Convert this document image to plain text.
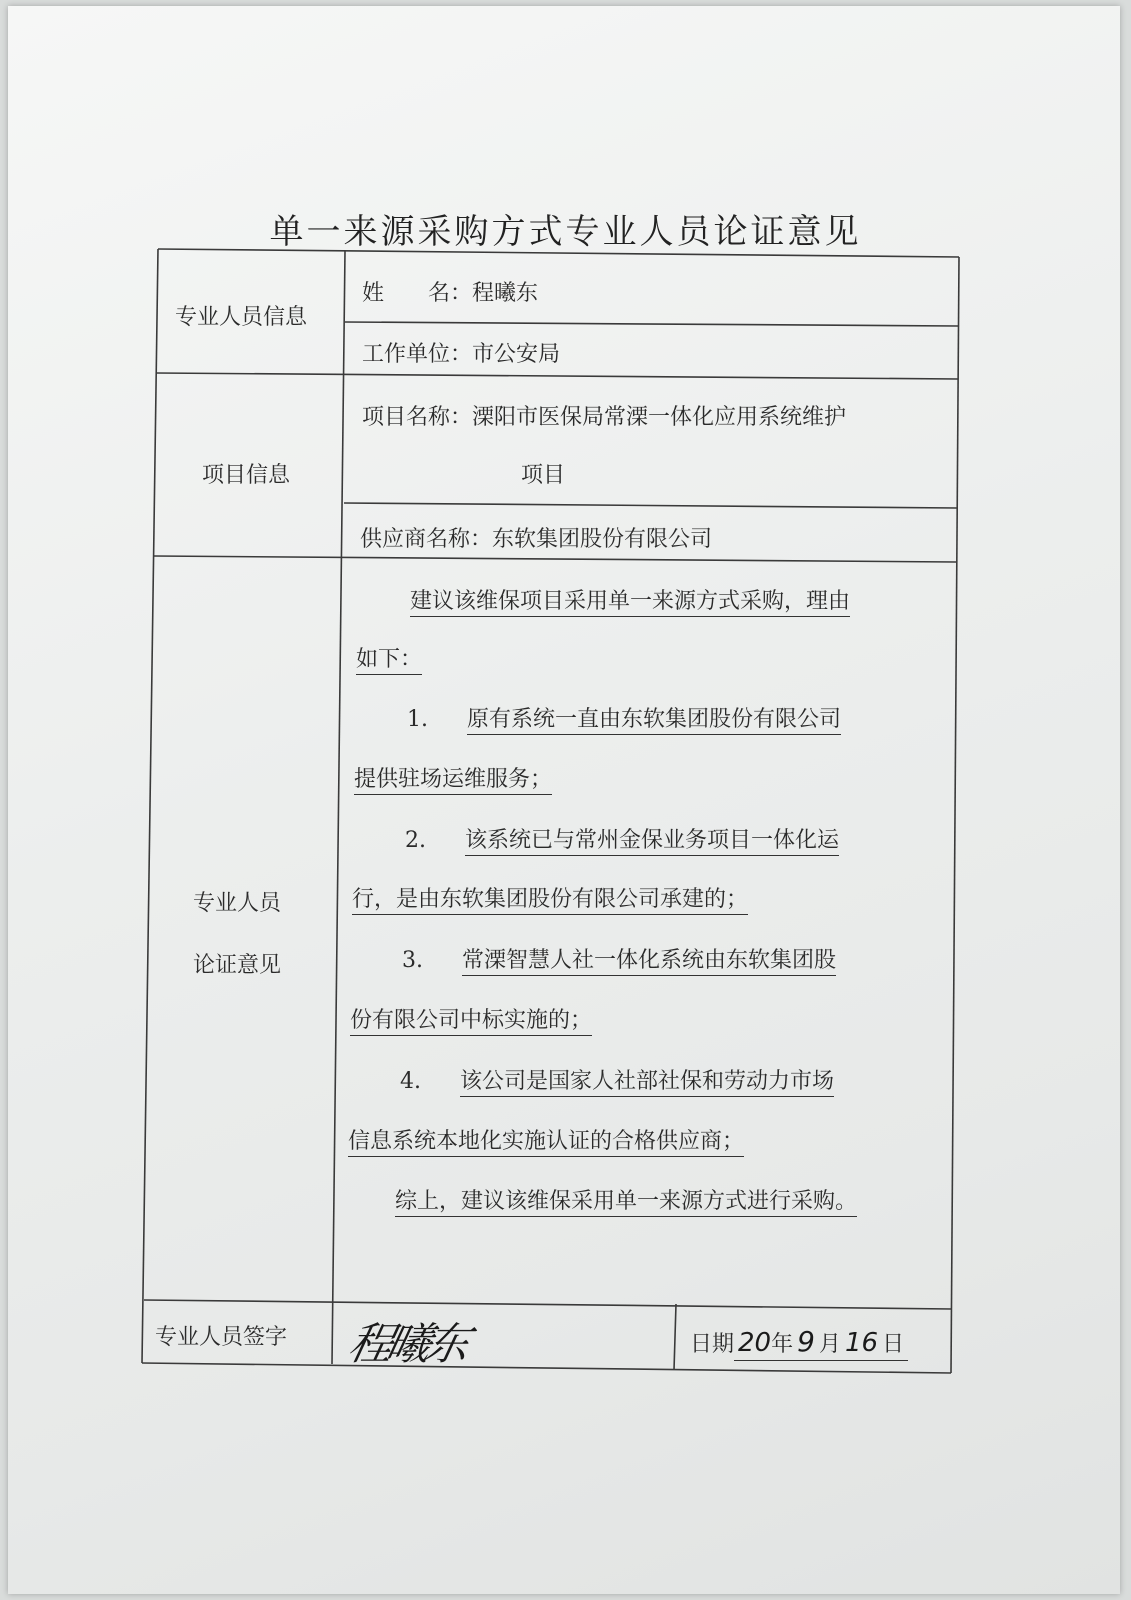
单一来源采购方式专业人员论证意见
专业人员信息
姓　　名：程曦东
工作单位：市公安局
项目信息
项目名称：溧阳市医保局常溧一体化应用系统维护
项目
供应商名称：东软集团股份有限公司
专业人员
论证意见
建议该维保项目采用单一来源方式采购，理由
如下：
1. 原有系统一直由东软集团股份有限公司
提供驻场运维服务；
2. 该系统已与常州金保业务项目一体化运
行，是由东软集团股份有限公司承建的；
3. 常溧智慧人社一体化系统由东软集团股
份有限公司中标实施的；
4. 该公司是国家人社部社保和劳动力市场
信息系统本地化实施认证的合格供应商；
综上，建议该维保采用单一来源方式进行采购。
专业人员签字 程曦东	日期 20年 9 月 16 日
